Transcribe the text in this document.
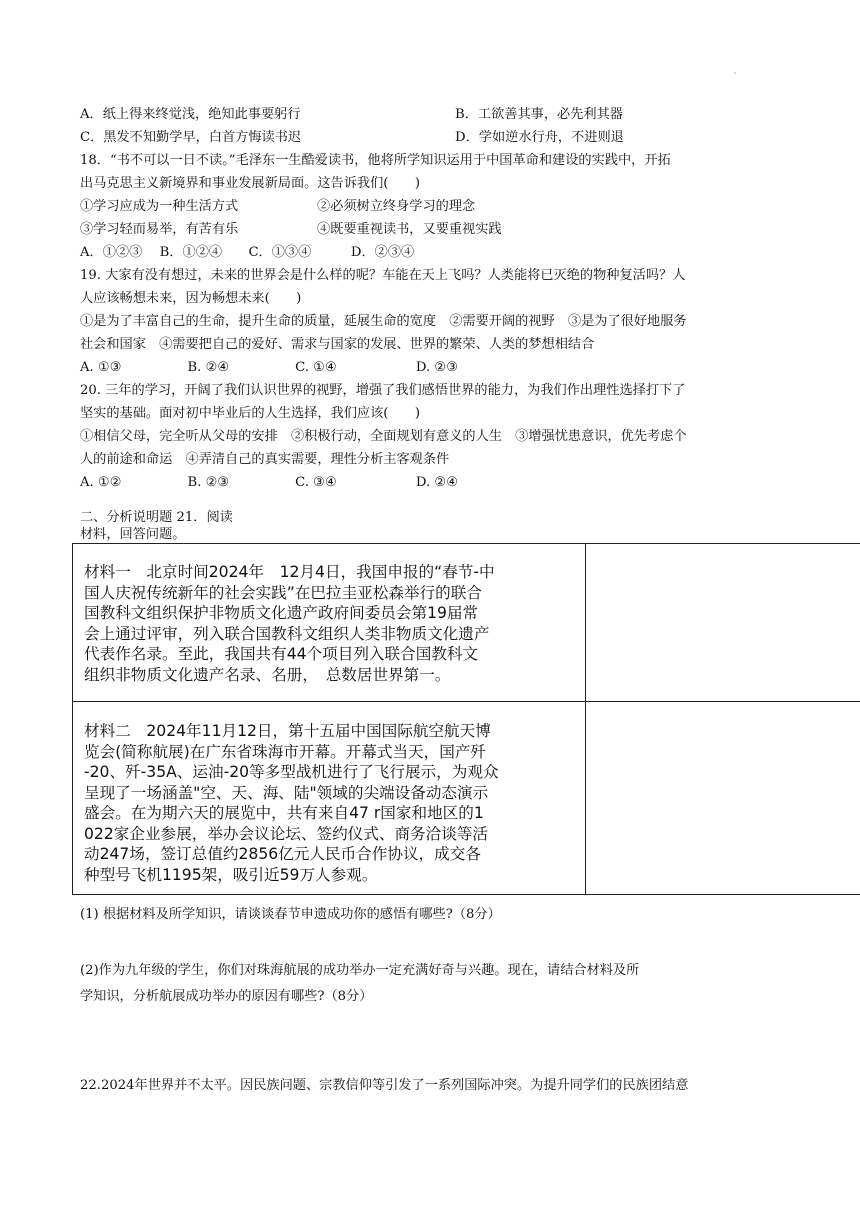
A．纸上得来终觉浅，绝知此事要躬行	B．工欲善其事，必先利其器
C．黑发不知勤学早，白首方悔读书迟	D．学如逆水行舟，不进则退
18．“书不可以一日不读。”毛泽东一生酷爱读书，他将所学知识运用于中国革命和建设的实践中，开拓
出马克思主义新境界和事业发展新局面。这告诉我们(　　)
①学习应成为一种生活方式	②必须树立终身学习的理念
③学习轻而易举，有苦有乐	④既要重视读书，又要重视实践
A．①②③　 B．①②④　　C．①③④　　　D．②③④
19. 大家有没有想过，未来的世界会是什么样的呢？车能在天上飞吗？人类能将已灭绝的物种复活吗？人
人应该畅想未来，因为畅想未来(　　)
①是为了丰富自己的生命，提升生命的质量，延展生命的宽度　②需要开阔的视野　③是为了很好地服务
社会和国家　④需要把自己的爱好、需求与国家的发展、世界的繁荣、人类的梦想相结合
A. ①③　　　　　B. ②④　　　　　C. ①④　　　　　　D. ②③
20. 三年的学习，开阔了我们认识世界的视野，增强了我们感悟世界的能力，为我们作出理性选择打下了
坚实的基础。面对初中毕业后的人生选择，我们应该(　　)
①相信父母，完全听从父母的安排　②积极行动，全面规划有意义的人生　③增强忧患意识，优先考虑个
人的前途和命运　④弄清自己的真实需要，理性分析主客观条件
A. ①②　　　　　B. ②③　　　　　C. ③④　　　　　　D. ②④
二、分析说明题 21．阅读
材料，回答问题。
材料一　北京时间2024年　12月4日，我国申报的“春节-中
国人庆祝传统新年的社会实践”在巴拉圭亚松森举行的联合
国教科文组织保护非物质文化遗产政府间委员会第19届常
会上通过评审，列入联合国教科文组织人类非物质文化遗产
代表作名录。至此，我国共有44个项目列入联合国教科文
组织非物质文化遗产名录、名册，　总数居世界第一。
材料二　2024年11月12日，第十五届中国国际航空航天博
览会(简称航展)在广东省珠海市开幕。开幕式当天，国产歼
-20、歼-35A、运油-20等多型战机进行了飞行展示，为观众
呈现了一场涵盖"空、天、海、陆"领域的尖端设备动态演示
盛会。在为期六天的展览中，共有来自47 r国家和地区的1
022家企业参展，举办会议论坛、签约仪式、商务洽谈等活
动247场，签订总值约2856亿元人民币合作协议，成交各
种型号飞机1195架，吸引近59万人参观。
(1) 根据材料及所学知识，请谈谈春节申遗成功你的感悟有哪些?（8分）
(2)作为九年级的学生，你们对珠海航展的成功举办一定充满好奇与兴趣。现在，请结合材料及所
学知识，分析航展成功举办的原因有哪些?（8分）
22.2024年世界并不太平。因民族问题、宗教信仰等引发了一系列国际冲突。为提升同学们的民族团结意
